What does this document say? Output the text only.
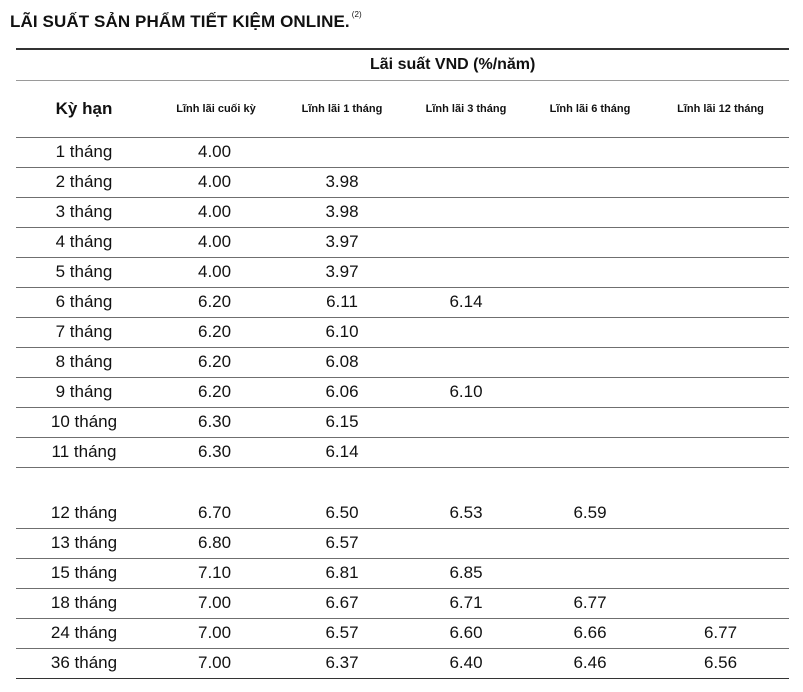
LÃI SUẤT SẢN PHẨM TIẾT KIỆM ONLINE. $^{(2)}$
Lãi suất VND (%/năm)
Kỳ hạn	Lĩnh lãi cuối kỳ	Lĩnh lãi 1 tháng	Lĩnh lãi 3 tháng	Lĩnh lãi 6 tháng	Lĩnh lãi 12 tháng
1 tháng	4.00
2 tháng	4.00	3.98
3 tháng	4.00	3.98
4 tháng	4.00	3.97
5 tháng	4.00	3.97
6 tháng	6.20	6.11	6.14
7 tháng	6.20	6.10
8 tháng	6.20	6.08
9 tháng	6.20	6.06	6.10
10 tháng	6.30	6.15
11 tháng	6.30	6.14
12 tháng	6.70	6.50	6.53	6.59
13 tháng	6.80	6.57
15 tháng	7.10	6.81	6.85
18 tháng	7.00	6.67	6.71	6.77
24 tháng	7.00	6.57	6.60	6.66	6.77
36 tháng	7.00	6.37	6.40	6.46	6.56
